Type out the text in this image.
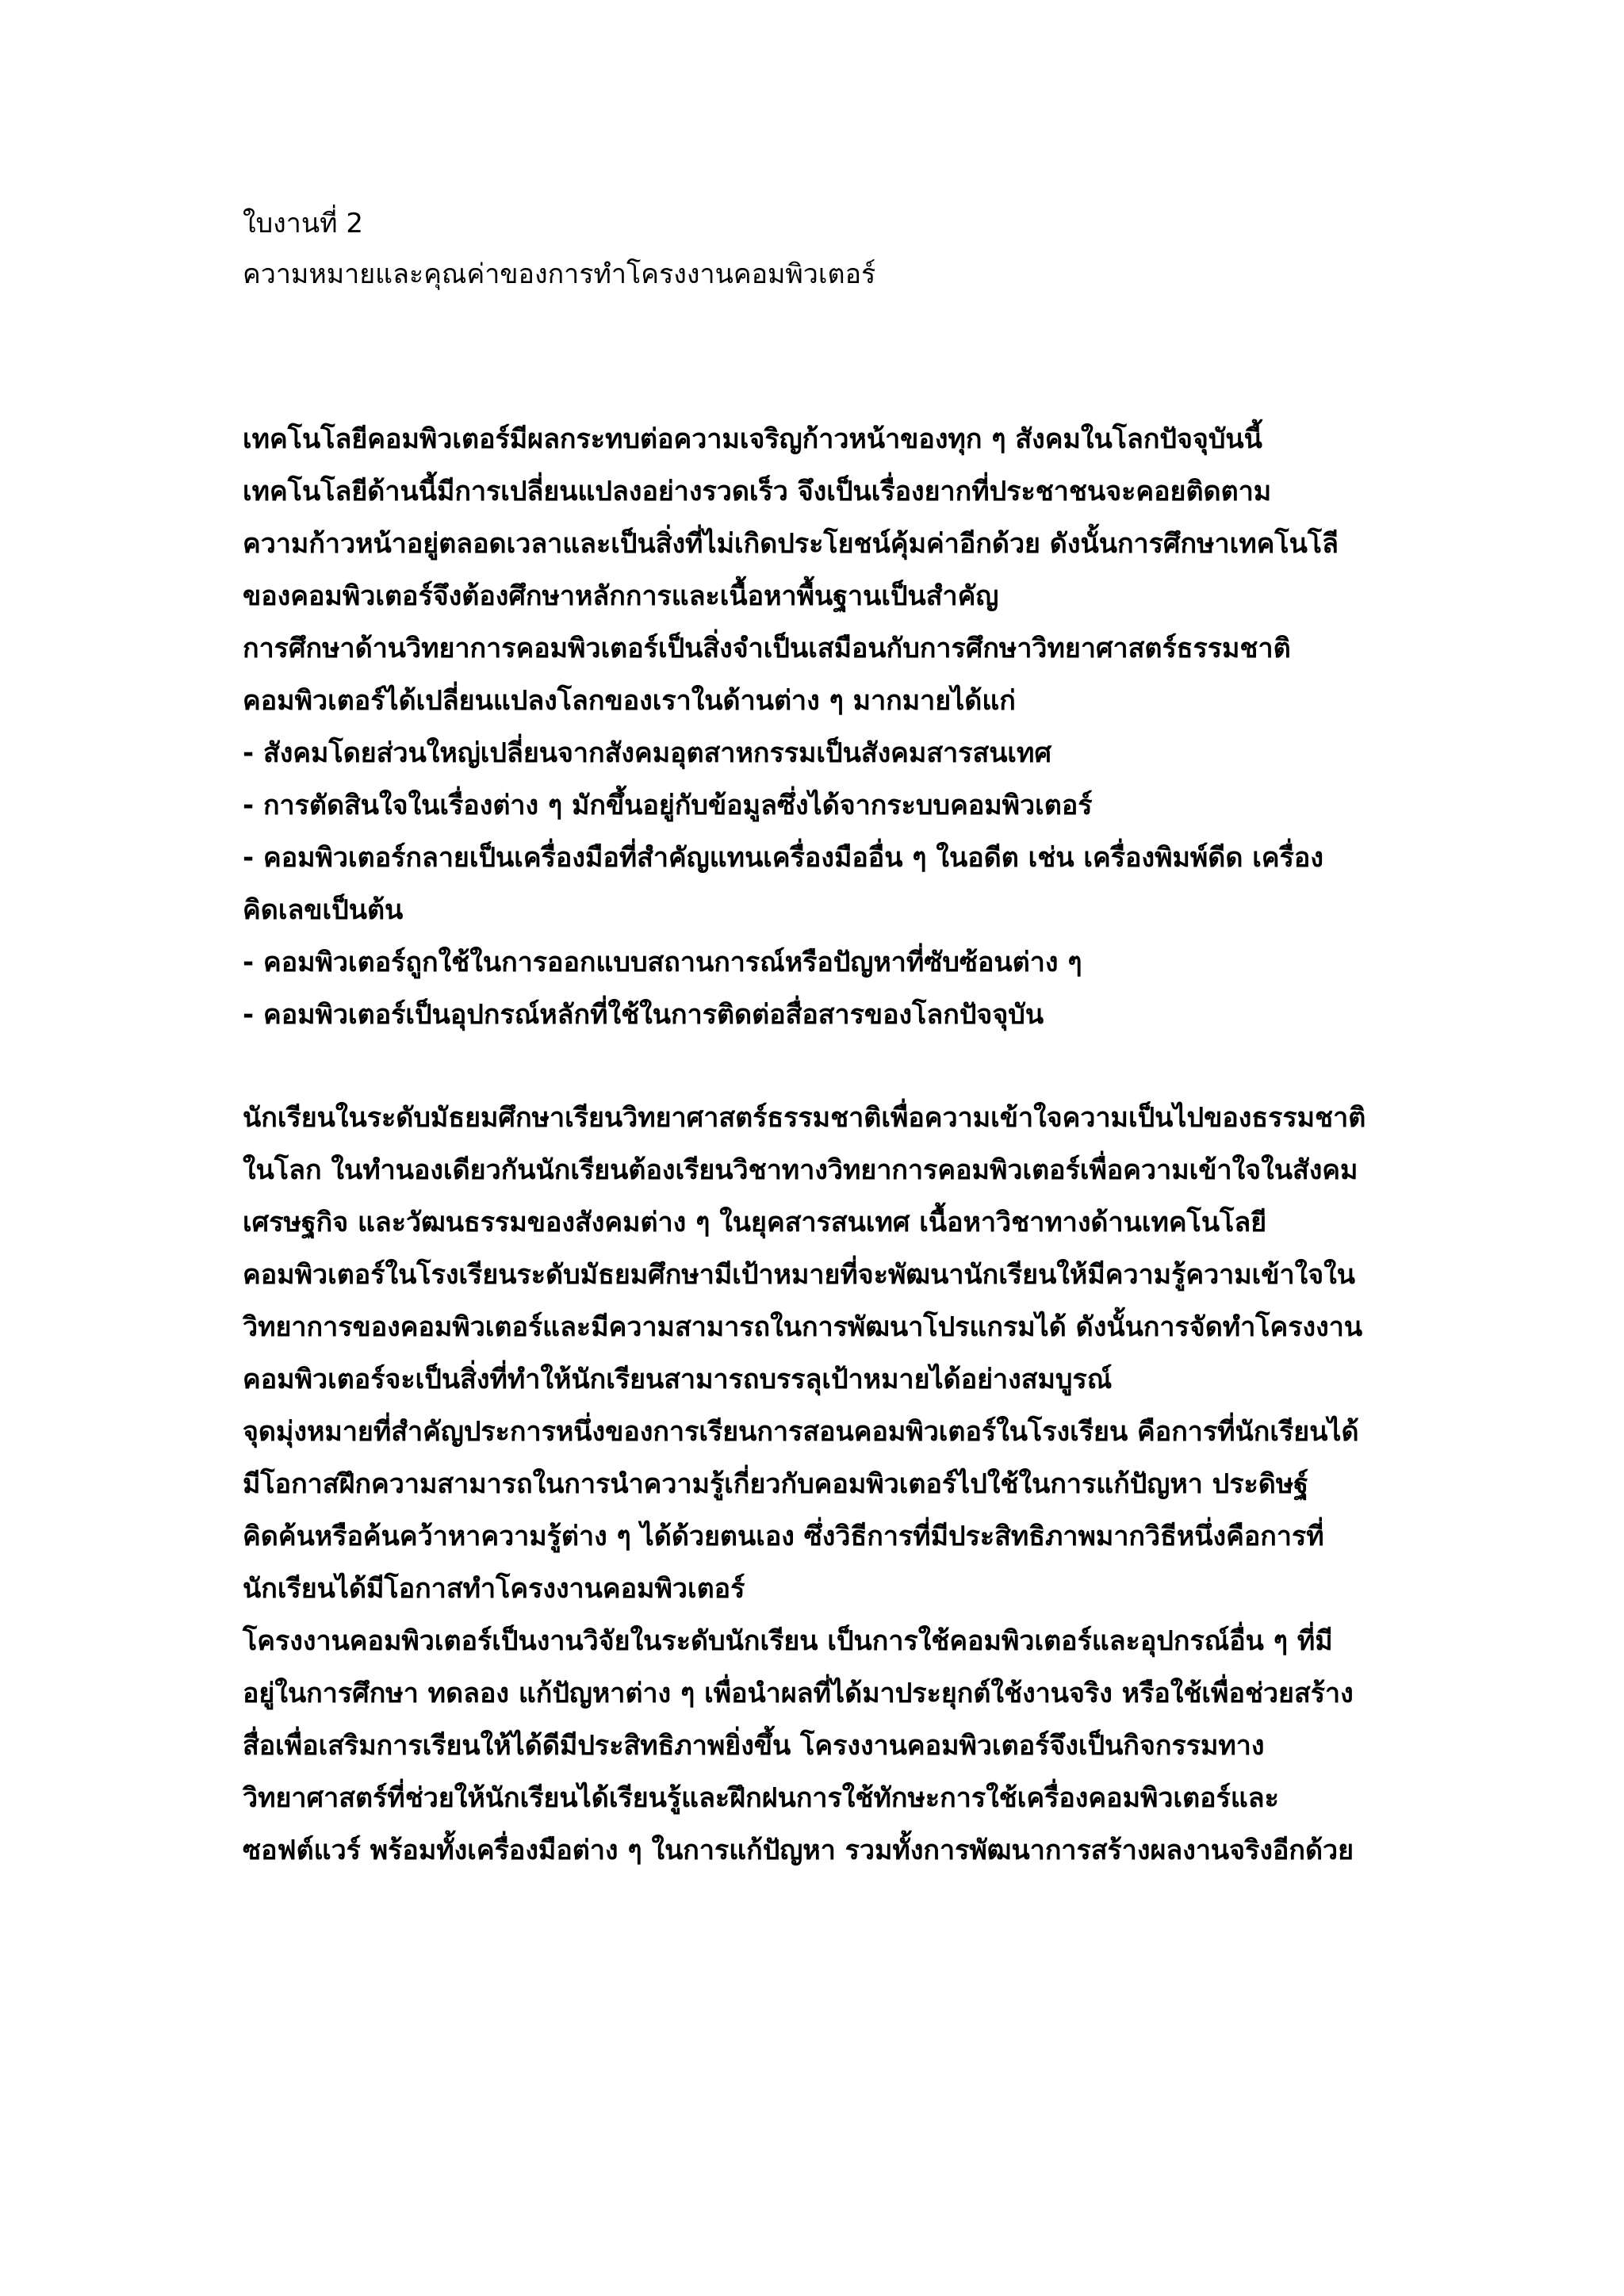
ใบงานที่ 2
ความหมายและคุณค่าของการทำโครงงานคอมพิวเตอร์
เทคโนโลยีคอมพิวเตอร์มีผลกระทบต่อความเจริญก้าวหน้าของทุก ๆ สังคมในโลกปัจจุบันนี้
เทคโนโลยีด้านนี้มีการเปลี่ยนแปลงอย่างรวดเร็ว จึงเป็นเรื่องยากที่ประชาชนจะคอยติดตาม
ความก้าวหน้าอยู่ตลอดเวลาและเป็นสิ่งที่ไม่เกิดประโยชน์คุ้มค่าอีกด้วย ดังนั้นการศึกษาเทคโนโลี
ของคอมพิวเตอร์จึงต้องศึกษาหลักการและเนื้อหาพื้นฐานเป็นสำคัญ
การศึกษาด้านวิทยาการคอมพิวเตอร์เป็นสิ่งจำเป็นเสมือนกับการศึกษาวิทยาศาสตร์ธรรมชาติ
คอมพิวเตอร์ได้เปลี่ยนแปลงโลกของเราในด้านต่าง ๆ มากมายได้แก่
- สังคมโดยส่วนใหญ่เปลี่ยนจากสังคมอุตสาหกรรมเป็นสังคมสารสนเทศ
- การตัดสินใจในเรื่องต่าง ๆ มักขึ้นอยู่กับข้อมูลซึ่งได้จากระบบคอมพิวเตอร์
- คอมพิวเตอร์กลายเป็นเครื่องมือที่สำคัญแทนเครื่องมืออื่น ๆ ในอดีต เช่น เครื่องพิมพ์ดีด เครื่อง
คิดเลขเป็นต้น
- คอมพิวเตอร์ถูกใช้ในการออกแบบสถานการณ์หรือปัญหาที่ซับซ้อนต่าง ๆ
- คอมพิวเตอร์เป็นอุปกรณ์หลักที่ใช้ในการติดต่อสื่อสารของโลกปัจจุบัน
นักเรียนในระดับมัธยมศึกษาเรียนวิทยาศาสตร์ธรรมชาติเพื่อความเข้าใจความเป็นไปของธรรมชาติ
ในโลก ในทำนองเดียวกันนักเรียนต้องเรียนวิชาทางวิทยาการคอมพิวเตอร์เพื่อความเข้าใจในสังคม
เศรษฐกิจ และวัฒนธรรมของสังคมต่าง ๆ ในยุคสารสนเทศ เนื้อหาวิชาทางด้านเทคโนโลยี
คอมพิวเตอร์ในโรงเรียนระดับมัธยมศึกษามีเป้าหมายที่จะพัฒนานักเรียนให้มีความรู้ความเข้าใจใน
วิทยาการของคอมพิวเตอร์และมีความสามารถในการพัฒนาโปรแกรมได้ ดังนั้นการจัดทำโครงงาน
คอมพิวเตอร์จะเป็นสิ่งที่ทำให้นักเรียนสามารถบรรลุเป้าหมายได้อย่างสมบูรณ์
จุดมุ่งหมายที่สำคัญประการหนึ่งของการเรียนการสอนคอมพิวเตอร์ในโรงเรียน คือการที่นักเรียนได้
มีโอกาสฝึกความสามารถในการนำความรู้เกี่ยวกับคอมพิวเตอร์ไปใช้ในการแก้ปัญหา ประดิษฐ์
คิดค้นหรือค้นคว้าหาความรู้ต่าง ๆ ได้ด้วยตนเอง ซึ่งวิธีการที่มีประสิทธิภาพมากวิธีหนึ่งคือการที่
นักเรียนได้มีโอกาสทำโครงงานคอมพิวเตอร์
โครงงานคอมพิวเตอร์เป็นงานวิจัยในระดับนักเรียน เป็นการใช้คอมพิวเตอร์และอุปกรณ์อื่น ๆ ที่มี
อยู่ในการศึกษา ทดลอง แก้ปัญหาต่าง ๆ เพื่อนำผลที่ได้มาประยุกต์ใช้งานจริง หรือใช้เพื่อช่วยสร้าง
สื่อเพื่อเสริมการเรียนให้ได้ดีมีประสิทธิภาพยิ่งขึ้น โครงงานคอมพิวเตอร์จึงเป็นกิจกรรมทาง
วิทยาศาสตร์ที่ช่วยให้นักเรียนได้เรียนรู้และฝึกฝนการใช้ทักษะการใช้เครื่องคอมพิวเตอร์และ
ซอฟต์แวร์ พร้อมทั้งเครื่องมือต่าง ๆ ในการแก้ปัญหา รวมทั้งการพัฒนาการสร้างผลงานจริงอีกด้วย
